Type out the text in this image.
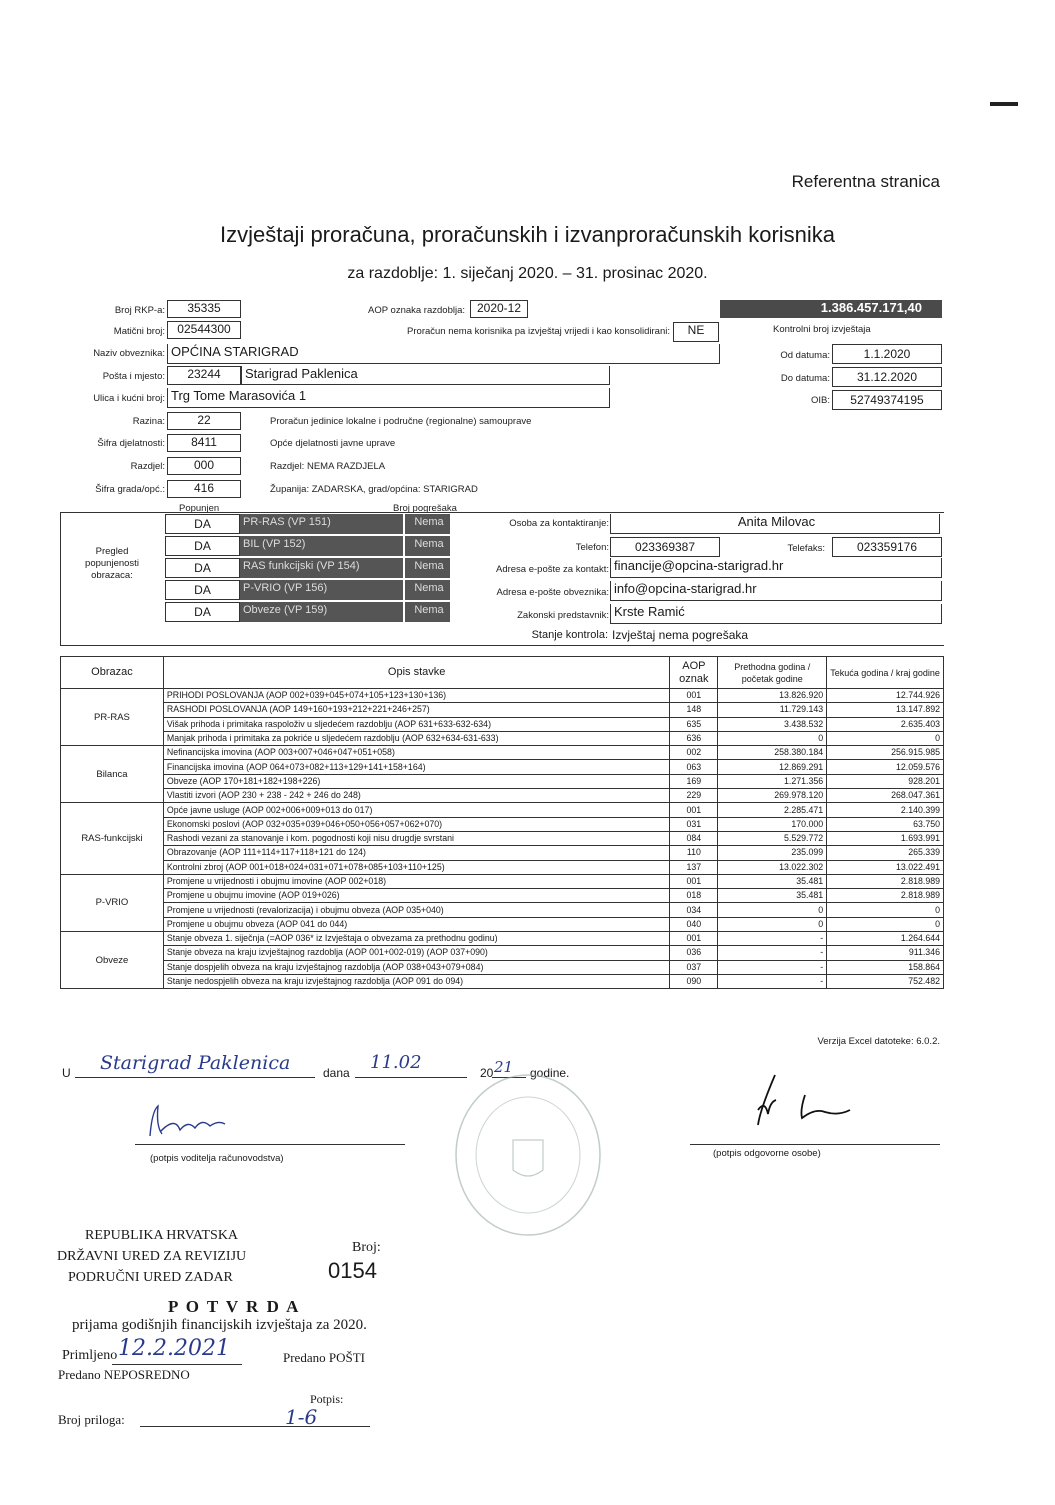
Referentna stranica
Izvještaji proračuna, proračunskih i izvanproračunskih korisnika
za razdoblje: 1. siječanj 2020. – 31. prosinac 2020.
Broj RKP-a:	35335	AOP oznaka razdoblja: 2020-12	1.386.457.171,40
Kontrolni broj izvještaja
Matični broj:	02544300	Proračun nema korisnika pa izvještaj vrijedi i kao konsolidirani:	NE
Naziv obveznika: OPĆINA STARIGRAD	Od datuma:	1.1.2020
Pošta i mjesto:	23244	Starigrad Paklenica	Do datuma:	31.12.2020
Ulica i kućni broj: Trg Tome Marasovića 1	OIB:	52749374195
Razina:	22	Proračun jedinice lokalne i područne (regionalne) samouprave
Šifra djelatnosti:	8411	Opće djelatnosti javne uprave
Razdjel:	000	Razdjel: NEMA RAZDJELA
Šifra grada/opć.:	416	Županija: ZADARSKA, grad/općina: STARIGRAD
Popunjen	Broj pogrešaka
Pregled popunjenosti obrazaca:
DA	PR-RAS (VP 151)	Nema
DA	BIL (VP 152)	Nema
DA	RAS funkcijski (VP 154)	Nema
DA	P-VRIO (VP 156)	Nema
DA	Obveze (VP 159)	Nema
Osoba za kontaktiranje:	Anita Milovac
Telefon:	023369387	Telefaks:	023359176
Adresa e-pošte za kontakt: financije@opcina-starigrad.hr
Adresa e-pošte obveznika: info@opcina-starigrad.hr
Zakonski predstavnik: Krste Ramić
Stanje kontrola: Izvještaj nema pogrešaka
Obrazac	Opis stavke	AOP oznak	Prethodna godina / početak godine	Tekuća godina / kraj godine
PR-RAS	PRIHODI POSLOVANJA (AOP 002+039+045+074+105+123+130+136)	001	13.826.920	12.744.926
	RASHODI POSLOVANJA (AOP 149+160+193+212+221+246+257)	148	11.729.143	13.147.892
	Višak prihoda i primitaka raspoloživ u sljedećem razdoblju (AOP 631+633-632-634)	635	3.438.532	2.635.403
	Manjak prihoda i primitaka za pokriće u sljedećem razdoblju (AOP 632+634-631-633)	636	0	0
Bilanca	Nefinancijska imovina (AOP 003+007+046+047+051+058)	002	258.380.184	256.915.985
	Financijska imovina (AOP 064+073+082+113+129+141+158+164)	063	12.869.291	12.059.576
	Obveze (AOP 170+181+182+198+226)	169	1.271.356	928.201
	Vlastiti izvori (AOP 230 + 238 - 242 + 246 do 248)	229	269.978.120	268.047.361
RAS-funkcijski	Opće javne usluge (AOP 002+006+009+013 do 017)	001	2.285.471	2.140.399
	Ekonomski poslovi (AOP 032+035+039+046+050+056+057+062+070)	031	170.000	63.750
	Rashodi vezani za stanovanje i kom. pogodnosti koji nisu drugdje svrstani	084	5.529.772	1.693.991
	Obrazovanje (AOP 111+114+117+118+121 do 124)	110	235.099	265.339
	Kontrolni zbroj (AOP 001+018+024+031+071+078+085+103+110+125)	137	13.022.302	13.022.491
P-VRIO	Promjene u vrijednosti i obujmu imovine (AOP 002+018)	001	35.481	2.818.989
	Promjene u obujmu imovine (AOP 019+026)	018	35.481	2.818.989
	Promjene u vrijednosti (revalorizacija) i obujmu obveza (AOP 035+040)	034	0	0
	Promjene u obujmu obveza (AOP 041 do 044)	040	0	0
Obveze	Stanje obveza 1. siječnja (=AOP 036* iz Izvještaja o obvezama za prethodnu godinu)	001	-	1.264.644
	Stanje obveza na kraju izvještajnog razdoblja (AOP 001+002-019) (AOP 037+090)	036	-	911.346
	Stanje dospjelih obveza na kraju izvještajnog razdoblja (AOP 038+043+079+084)	037	-	158.864
	Stanje nedospjelih obveza na kraju izvještajnog razdoblja (AOP 091 do 094)	090	-	752.482
Verzija Excel datoteke: 6.0.2.
U Starigrad Paklenica	dana 11.02	20 21 godine.
(potpis voditelja računovodstva)	(potpis odgovorne osobe)
REPUBLIKA HRVATSKA
DRŽAVNI URED ZA REVIZIJU
PODRUČNI URED ZADAR
Broj:
0154
P O T V R D A
prijama godišnjih financijskih izvještaja za 2020.
Primljeno 12.2.2021	Predano POŠTI
Predano NEPOSREDNO
Potpis:
Broj priloga:	1-6
